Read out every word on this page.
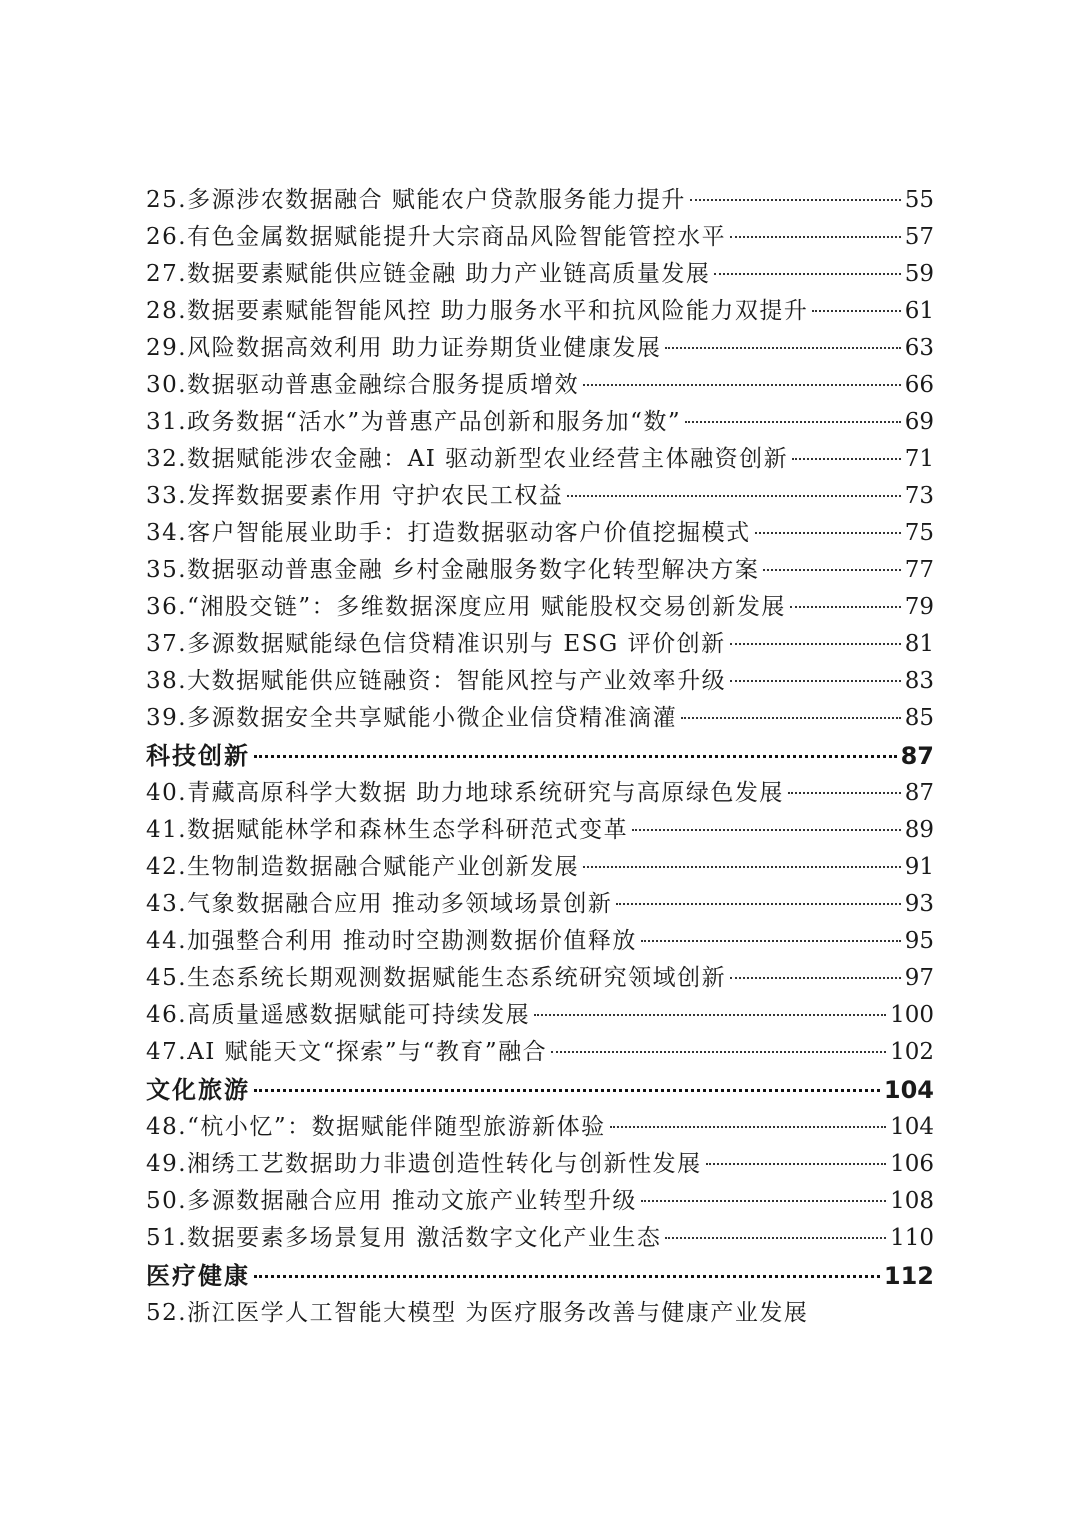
25.多源涉农数据融合 赋能农户贷款服务能力提升	55
26.有色金属数据赋能提升大宗商品风险智能管控水平	57
27.数据要素赋能供应链金融 助力产业链高质量发展	59
28.数据要素赋能智能风控 助力服务水平和抗风险能力双提升	61
29.风险数据高效利用 助力证券期货业健康发展	63
30.数据驱动普惠金融综合服务提质增效	66
31.政务数据“活水”为普惠产品创新和服务加“数”	69
32.数据赋能涉农金融：AI 驱动新型农业经营主体融资创新	71
33.发挥数据要素作用 守护农民工权益	73
34.客户智能展业助手：打造数据驱动客户价值挖掘模式	75
35.数据驱动普惠金融 乡村金融服务数字化转型解决方案	77
36.“湘股交链”：多维数据深度应用 赋能股权交易创新发展	79
37.多源数据赋能绿色信贷精准识别与 ESG 评价创新	81
38.大数据赋能供应链融资：智能风控与产业效率升级	83
39.多源数据安全共享赋能小微企业信贷精准滴灌	85
科技创新	87
40.青藏高原科学大数据 助力地球系统研究与高原绿色发展	87
41.数据赋能林学和森林生态学科研范式变革	89
42.生物制造数据融合赋能产业创新发展	91
43.气象数据融合应用 推动多领域场景创新	93
44.加强整合利用 推动时空勘测数据价值释放	95
45.生态系统长期观测数据赋能生态系统研究领域创新	97
46.高质量遥感数据赋能可持续发展	100
47.AI 赋能天文“探索”与“教育”融合	102
文化旅游	104
48.“杭小忆”：数据赋能伴随型旅游新体验	104
49.湘绣工艺数据助力非遗创造性转化与创新性发展	106
50.多源数据融合应用 推动文旅产业转型升级	108
51.数据要素多场景复用 激活数字文化产业生态	110
医疗健康	112
52.浙江医学人工智能大模型 为医疗服务改善与健康产业发展
